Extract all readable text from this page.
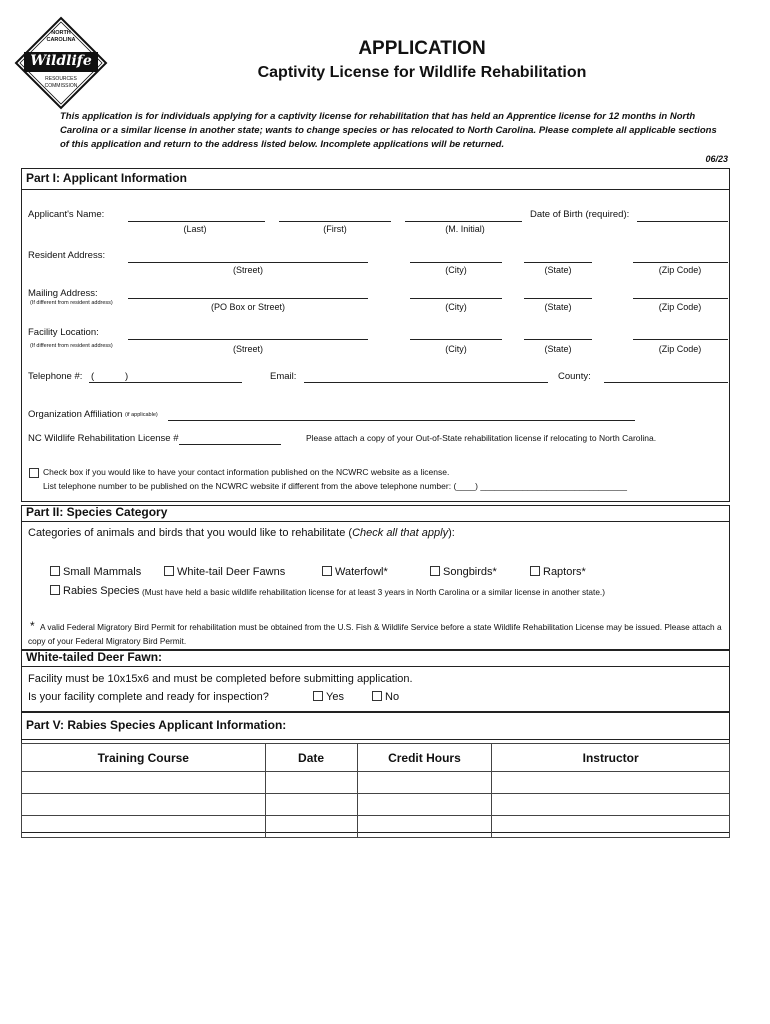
NORTH CAROLINA
Wildlife
RESOURCES COMMISSION
APPLICATION
Captivity License for Wildlife Rehabilitation
This application is for individuals applying for a captivity license for rehabilitation that has held an Apprentice license for 12 months in North Carolina or a similar license in another state; wants to change species or has relocated to North Carolina. Please complete all applicable sections of this application and return to the address listed below. Incomplete applications will be returned.
06/23
Part I: Applicant Information
Applicant's Name:	Date of Birth (required):
(Last)	(First)	(M. Initial)
Resident Address:
(Street)	(City)	(State)	(Zip Code)
Mailing Address:
(If different from resident address)	(PO Box or Street)	(City)	(State)	(Zip Code)
Facility Location:
(If different from resident address)	(Street)	(City)	(State)	(Zip Code)
Telephone #: (	)	Email:	County:
Organization Affiliation (if applicable)
NC Wildlife Rehabilitation License #	Please attach a copy of your Out-of-State rehabilitation license if relocating to North Carolina.
Check box if you would like to have your contact information published on the NCWRC website as a license.
List telephone number to be published on the NCWRC website if different from the above telephone number: (____) _______________________________
Part II: Species Category
Categories of animals and birds that you would like to rehabilitate (Check all that apply):
Small Mammals	White-tail Deer Fawns	Waterfowl*	Songbirds*	Raptors*
Rabies Species (Must have held a basic wildlife rehabilitation license for at least 3 years in North Carolina or a similar license in another state.)
* A valid Federal Migratory Bird Permit for rehabilitation must be obtained from the U.S. Fish & Wildlife Service before a state Wildlife Rehabilitation License may be issued. Please attach a copy of your Federal Migratory Bird Permit.
White-tailed Deer Fawn:
Facility must be 10x15x6 and must be completed before submitting application.
Is your facility complete and ready for inspection?	Yes	No
Part V: Rabies Species Applicant Information:
Training Course	Date	Credit Hours	Instructor
